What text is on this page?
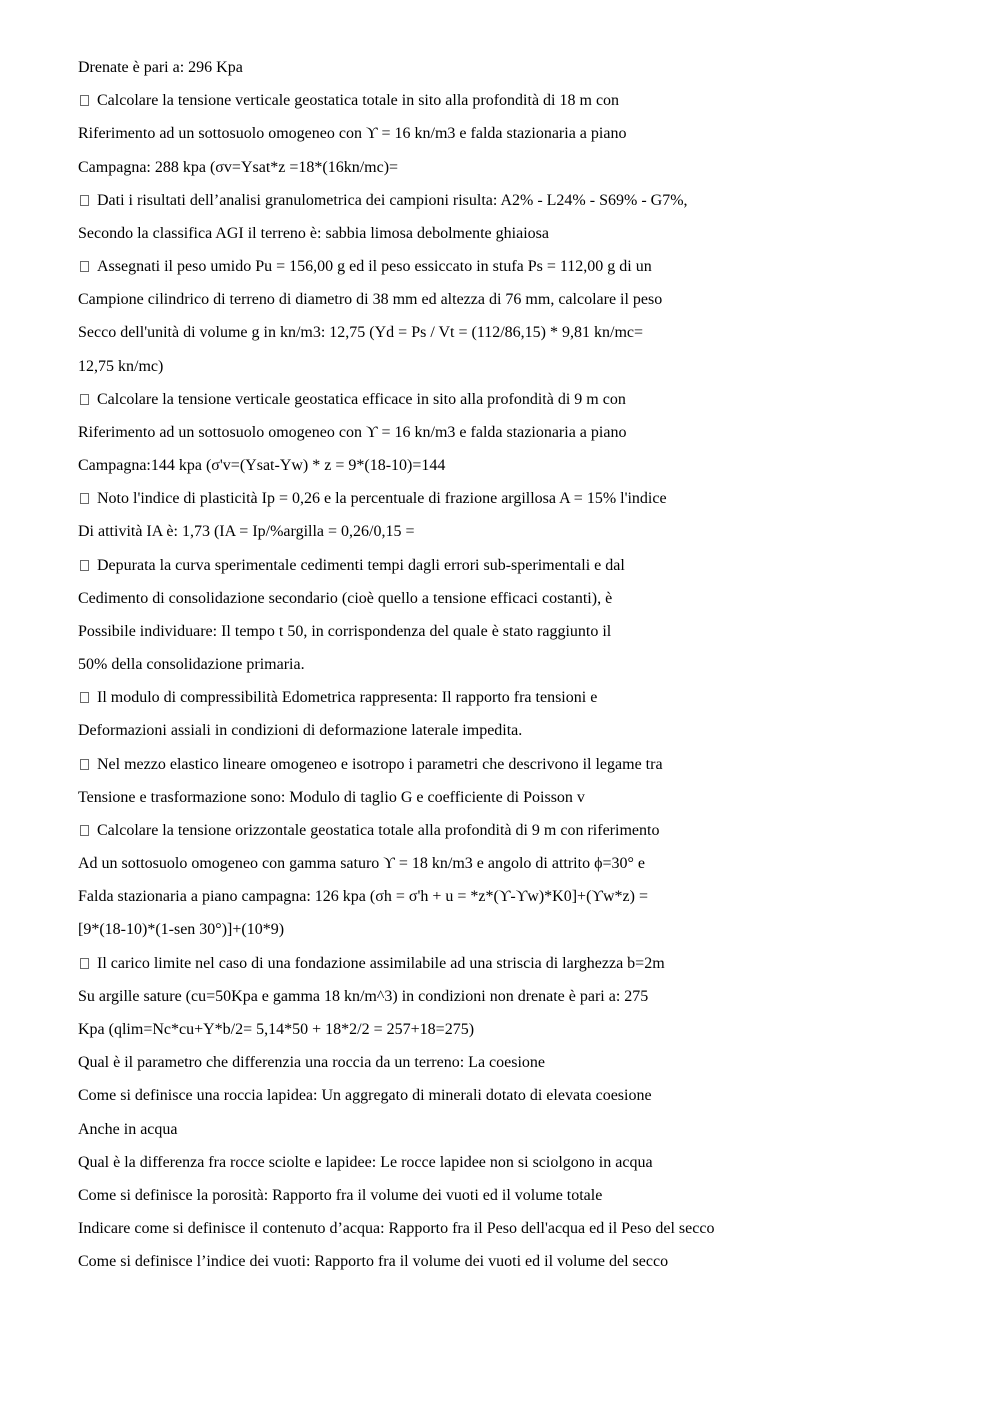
Drenate è pari a: 296 Kpa
Calcolare la tensione verticale geostatica totale in sito alla profondità di 18 m con
Riferimento ad un sottosuolo omogeneo con ϒ = 16 kn/m3 e falda stazionaria a piano
Campagna: 288 kpa (σv=Ysat*z =18*(16kn/mc)=
Dati i risultati dell’analisi granulometrica dei campioni risulta: A2% - L24% - S69% - G7%,
Secondo la classifica AGI il terreno è: sabbia limosa debolmente ghiaiosa
Assegnati il peso umido Pu = 156,00 g ed il peso essiccato in stufa Ps = 112,00 g di un
Campione cilindrico di terreno di diametro di 38 mm ed altezza di 76 mm, calcolare il peso
Secco dell'unità di volume g in kn/m3: 12,75 (Yd = Ps / Vt = (112/86,15) * 9,81 kn/mc=
12,75 kn/mc)
Calcolare la tensione verticale geostatica efficace in sito alla profondità di 9 m con
Riferimento ad un sottosuolo omogeneo con ϒ = 16 kn/m3 e falda stazionaria a piano
Campagna:144 kpa (σ'v=(Ysat-Yw) * z = 9*(18-10)=144
Noto l'indice di plasticità Ip = 0,26 e la percentuale di frazione argillosa A = 15% l'indice
Di attività IA è: 1,73 (IA = Ip/%argilla = 0,26/0,15 =
Depurata la curva sperimentale cedimenti tempi dagli errori sub-sperimentali e dal
Cedimento di consolidazione secondario (cioè quello a tensione efficaci costanti), è
Possibile individuare: Il tempo t 50, in corrispondenza del quale è stato raggiunto il
50% della consolidazione primaria.
Il modulo di compressibilità Edometrica rappresenta: Il rapporto fra tensioni e
Deformazioni assiali in condizioni di deformazione laterale impedita.
Nel mezzo elastico lineare omogeneo e isotropo i parametri che descrivono il legame tra
Tensione e trasformazione sono: Modulo di taglio G e coefficiente di Poisson v
Calcolare la tensione orizzontale geostatica totale alla profondità di 9 m con riferimento
Ad un sottosuolo omogeneo con gamma saturo ϒ = 18 kn/m3 e angolo di attrito ϕ=30° e
Falda stazionaria a piano campagna: 126 kpa (σh = σ'h + u = *z*(ϒ-ϒw)*K0]+(ϒw*z) =
[9*(18-10)*(1-sen 30°)]+(10*9)
Il carico limite nel caso di una fondazione assimilabile ad una striscia di larghezza b=2m
Su argille sature (cu=50Kpa e gamma 18 kn/m^3) in condizioni non drenate è pari a: 275
Kpa (qlim=Nc*cu+Y*b/2= 5,14*50 + 18*2/2 = 257+18=275)
Qual è il parametro che differenzia una roccia da un terreno: La coesione
Come si definisce una roccia lapidea: Un aggregato di minerali dotato di elevata coesione
Anche in acqua
Qual è la differenza fra rocce sciolte e lapidee: Le rocce lapidee non si sciolgono in acqua
Come si definisce la porosità: Rapporto fra il volume dei vuoti ed il volume totale
Indicare come si definisce il contenuto d’acqua: Rapporto fra il Peso dell'acqua ed il Peso del secco
Come si definisce l’indice dei vuoti: Rapporto fra il volume dei vuoti ed il volume del secco
